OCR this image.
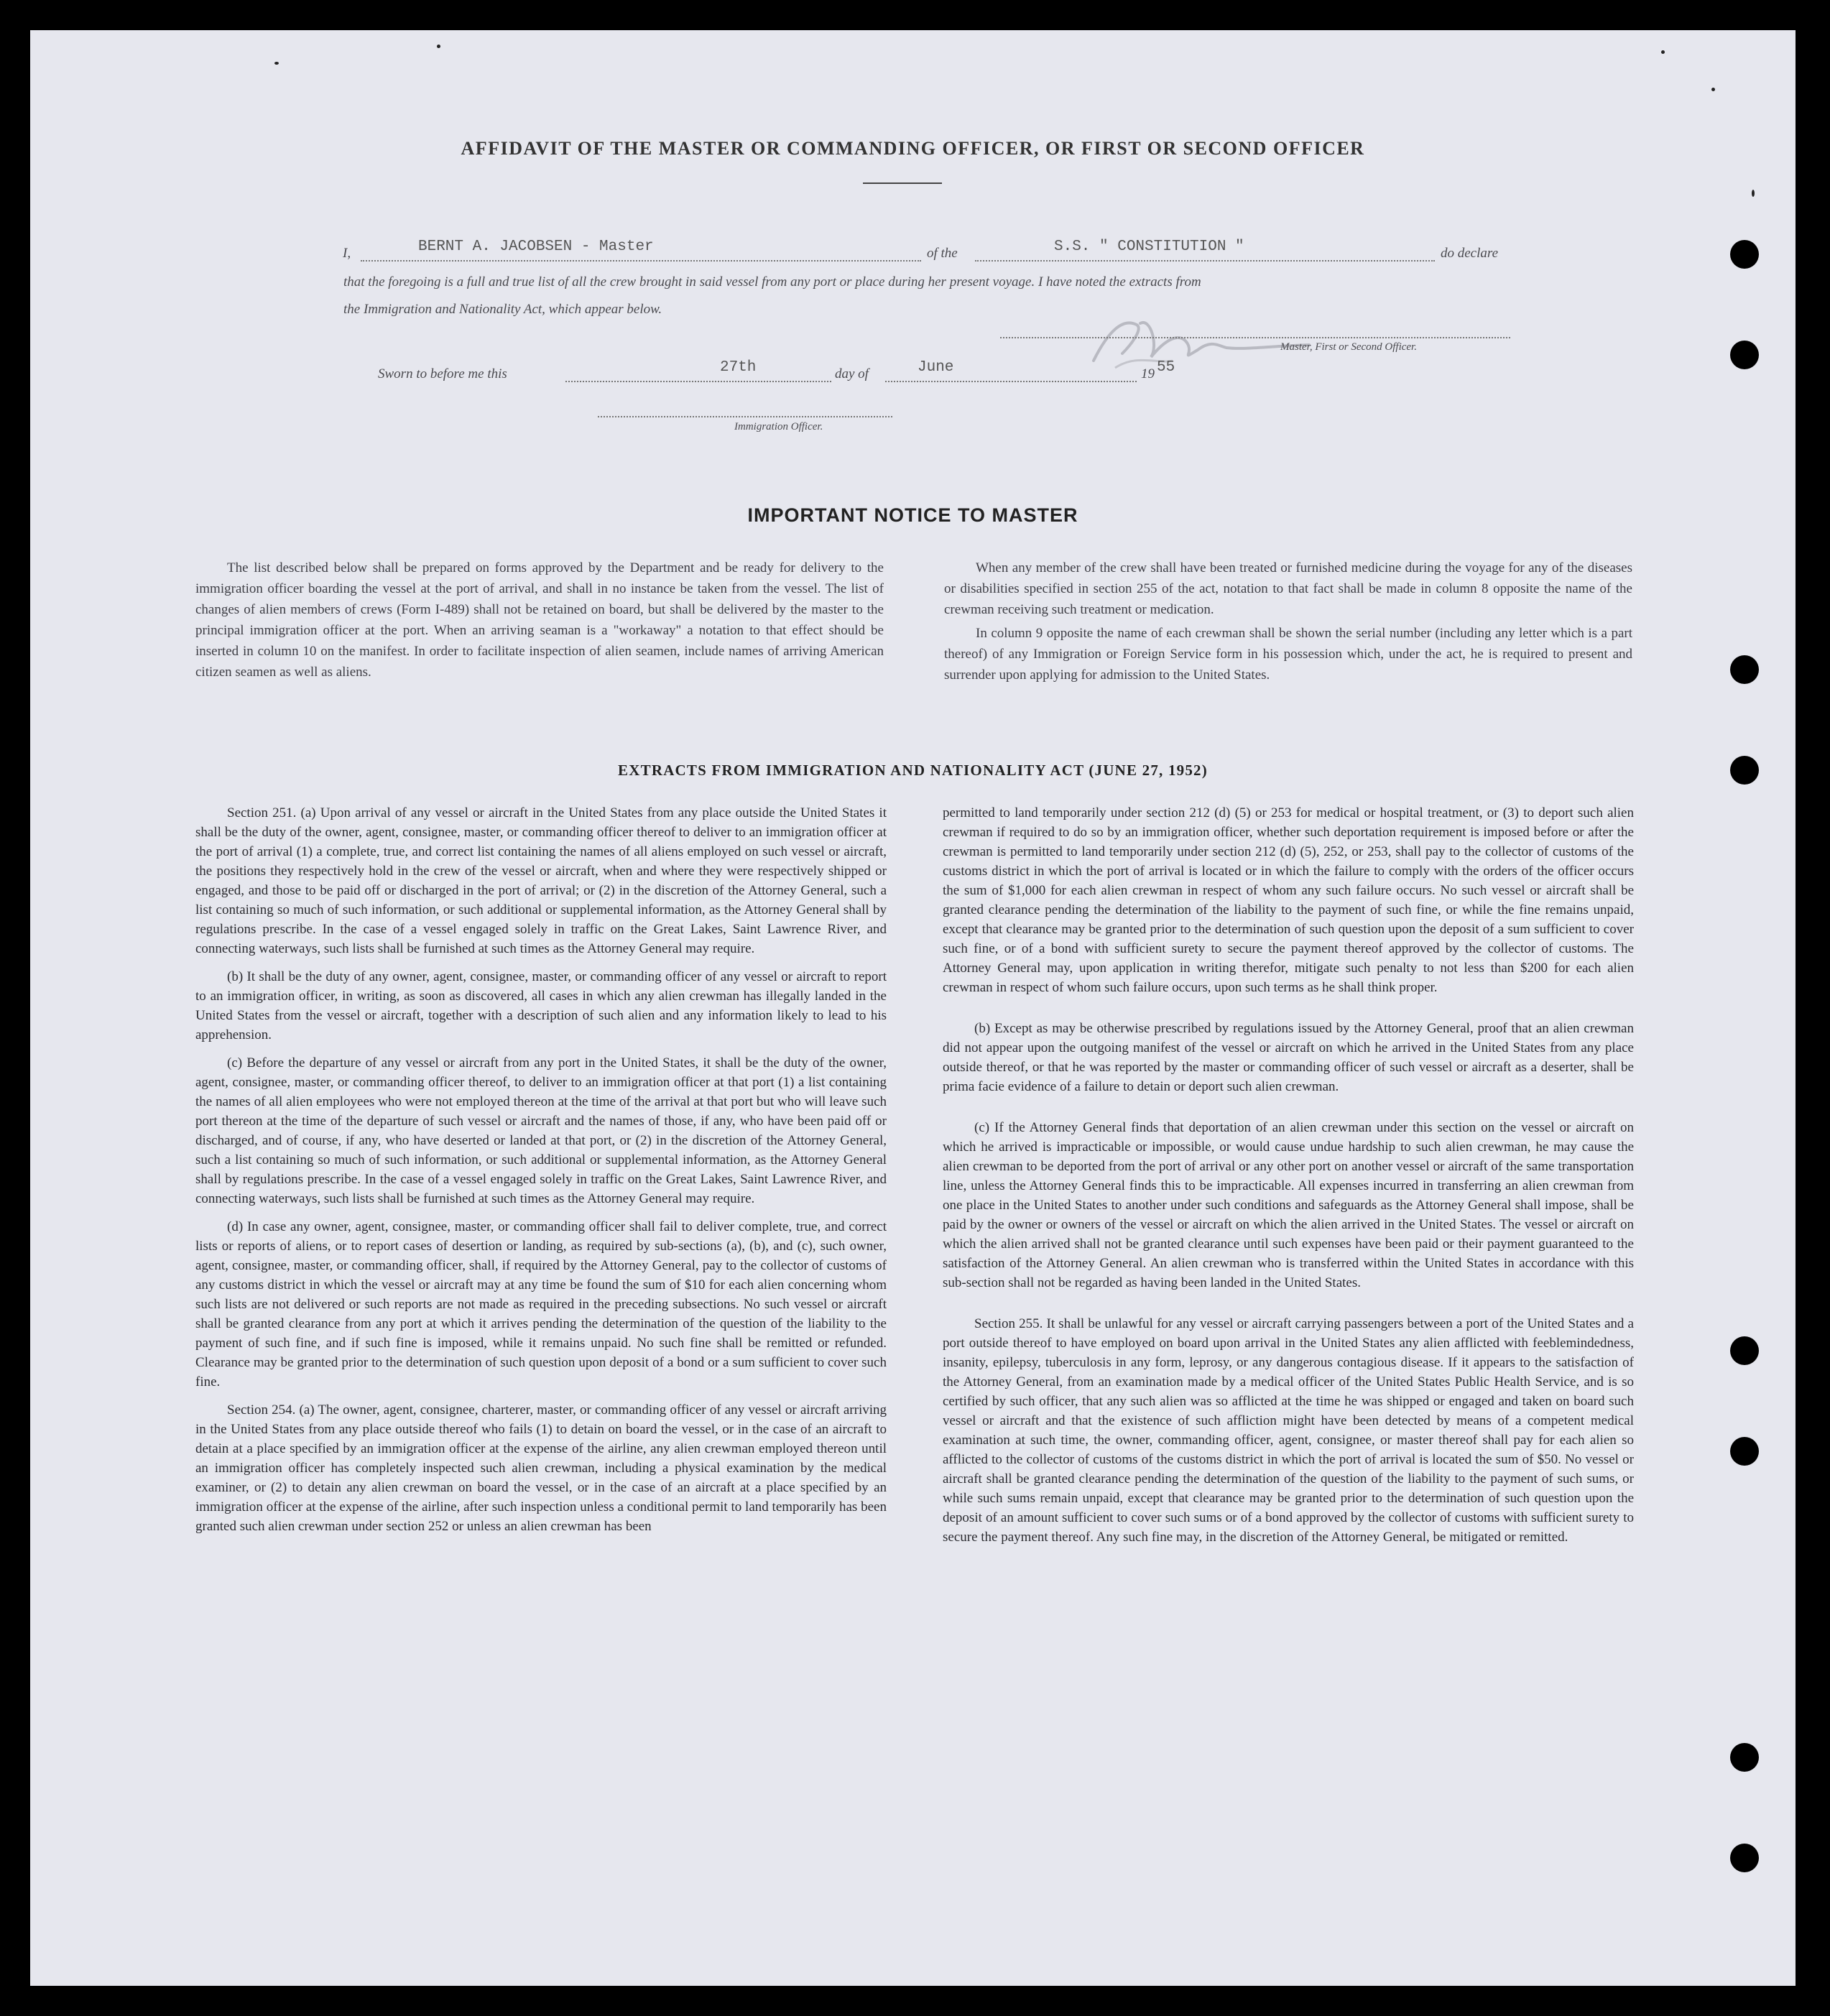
AFFIDAVIT OF THE MASTER OR COMMANDING OFFICER, OR FIRST OR SECOND OFFICER
I,	BERNT A. JACOBSEN - Master	of the	S.S. " CONSTITUTION "	do declare
that the foregoing is a full and true list of all the crew brought in said vessel from any port or place during her present voyage. I have noted the extracts from
the Immigration and Nationality Act, which appear below.
Master, First or Second Officer.
Sworn to before me this	27th	day of	June	19 55
Immigration Officer.
IMPORTANT NOTICE TO MASTER

The list described below shall be prepared on forms approved by the Department and be ready for delivery to the immigration officer boarding the vessel at the port of arrival, and shall in no instance be taken from the vessel. The list of changes of alien members of crews (Form I-489) shall not be retained on board, but shall be delivered by the master to the principal immigration officer at the port. When an arriving seaman is a "workaway" a notation to that effect should be inserted in column 10 on the manifest. In order to facilitate inspection of alien seamen, include names of arriving American citizen seamen as well as aliens.

When any member of the crew shall have been treated or furnished medicine during the voyage for any of the diseases or disabilities specified in section 255 of the act, notation to that fact shall be made in column 8 opposite the name of the crewman receiving such treatment or medication.

In column 9 opposite the name of each crewman shall be shown the serial number (including any letter which is a part thereof) of any Immigration or Foreign Service form in his possession which, under the act, he is required to present and surrender upon applying for admission to the United States.

EXTRACTS FROM IMMIGRATION AND NATIONALITY ACT (JUNE 27, 1952)

Section 251. (a) Upon arrival of any vessel or aircraft in the United States from any place outside the United States it shall be the duty of the owner, agent, consignee, master, or commanding officer thereof to deliver to an immigration officer at the port of arrival (1) a complete, true, and correct list containing the names of all aliens employed on such vessel or aircraft, the positions they respectively hold in the crew of the vessel or aircraft, when and where they were respectively shipped or engaged, and those to be paid off or discharged in the port of arrival; or (2) in the discretion of the Attorney General, such a list containing so much of such information, or such additional or supplemental information, as the Attorney General shall by regulations prescribe. In the case of a vessel engaged solely in traffic on the Great Lakes, Saint Lawrence River, and connecting waterways, such lists shall be furnished at such times as the Attorney General may require.

(b) It shall be the duty of any owner, agent, consignee, master, or commanding officer of any vessel or aircraft to report to an immigration officer, in writing, as soon as discovered, all cases in which any alien crewman has illegally landed in the United States from the vessel or aircraft, together with a description of such alien and any information likely to lead to his apprehension.

(c) Before the departure of any vessel or aircraft from any port in the United States, it shall be the duty of the owner, agent, consignee, master, or commanding officer thereof, to deliver to an immigration officer at that port (1) a list containing the names of all alien employees who were not employed thereon at the time of the arrival at that port but who will leave such port thereon at the time of the departure of such vessel or aircraft and the names of those, if any, who have been paid off or discharged, and of course, if any, who have deserted or landed at that port, or (2) in the discretion of the Attorney General, such a list containing so much of such information, or such additional or supplemental information, as the Attorney General shall by regulations prescribe. In the case of a vessel engaged solely in traffic on the Great Lakes, Saint Lawrence River, and connecting waterways, such lists shall be furnished at such times as the Attorney General may require.

(d) In case any owner, agent, consignee, master, or commanding officer shall fail to deliver complete, true, and correct lists or reports of aliens, or to report cases of desertion or landing, as required by sub-sections (a), (b), and (c), such owner, agent, consignee, master, or commanding officer, shall, if required by the Attorney General, pay to the collector of customs of any customs district in which the vessel or aircraft may at any time be found the sum of $10 for each alien concerning whom such lists are not delivered or such reports are not made as required in the preceding subsections. No such vessel or aircraft shall be granted clearance from any port at which it arrives pending the determination of the question of the liability to the payment of such fine, and if such fine is imposed, while it remains unpaid. No such fine shall be remitted or refunded. Clearance may be granted prior to the determination of such question upon deposit of a bond or a sum sufficient to cover such fine.

Section 254. (a) The owner, agent, consignee, charterer, master, or commanding officer of any vessel or aircraft arriving in the United States from any place outside thereof who fails (1) to detain on board the vessel, or in the case of an aircraft to detain at a place specified by an immigration officer at the expense of the airline, any alien crewman employed thereon until an immigration officer has completely inspected such alien crewman, including a physical examination by the medical examiner, or (2) to detain any alien crewman on board the vessel, or in the case of an aircraft at a place specified by an immigration officer at the expense of the airline, after such inspection unless a conditional permit to land temporarily has been granted such alien crewman under section 252 or unless an alien crewman has been

permitted to land temporarily under section 212 (d) (5) or 253 for medical or hospital treatment, or (3) to deport such alien crewman if required to do so by an immigration officer, whether such deportation requirement is imposed before or after the crewman is permitted to land temporarily under section 212 (d) (5), 252, or 253, shall pay to the collector of customs of the customs district in which the port of arrival is located or in which the failure to comply with the orders of the officer occurs the sum of $1,000 for each alien crewman in respect of whom any such failure occurs. No such vessel or aircraft shall be granted clearance pending the determination of the liability to the payment of such fine, or while the fine remains unpaid, except that clearance may be granted prior to the determination of such question upon the deposit of a sum sufficient to cover such fine, or of a bond with sufficient surety to secure the payment thereof approved by the collector of customs. The Attorney General may, upon application in writing therefor, mitigate such penalty to not less than $200 for each alien crewman in respect of whom such failure occurs, upon such terms as he shall think proper.

(b) Except as may be otherwise prescribed by regulations issued by the Attorney General, proof that an alien crewman did not appear upon the outgoing manifest of the vessel or aircraft on which he arrived in the United States from any place outside thereof, or that he was reported by the master or commanding officer of such vessel or aircraft as a deserter, shall be prima facie evidence of a failure to detain or deport such alien crewman.

(c) If the Attorney General finds that deportation of an alien crewman under this section on the vessel or aircraft on which he arrived is impracticable or impossible, or would cause undue hardship to such alien crewman, he may cause the alien crewman to be deported from the port of arrival or any other port on another vessel or aircraft of the same transportation line, unless the Attorney General finds this to be impracticable. All expenses incurred in transferring an alien crewman from one place in the United States to another under such conditions and safeguards as the Attorney General shall impose, shall be paid by the owner or owners of the vessel or aircraft on which the alien arrived in the United States. The vessel or aircraft on which the alien arrived shall not be granted clearance until such expenses have been paid or their payment guaranteed to the satisfaction of the Attorney General. An alien crewman who is transferred within the United States in accordance with this sub-section shall not be regarded as having been landed in the United States.

Section 255. It shall be unlawful for any vessel or aircraft carrying passengers between a port of the United States and a port outside thereof to have employed on board upon arrival in the United States any alien afflicted with feeblemindedness, insanity, epilepsy, tuberculosis in any form, leprosy, or any dangerous contagious disease. If it appears to the satisfaction of the Attorney General, from an examination made by a medical officer of the United States Public Health Service, and is so certified by such officer, that any such alien was so afflicted at the time he was shipped or engaged and taken on board such vessel or aircraft and that the existence of such affliction might have been detected by means of a competent medical examination at such time, the owner, commanding officer, agent, consignee, or master thereof shall pay for each alien so afflicted to the collector of customs of the customs district in which the port of arrival is located the sum of $50. No vessel or aircraft shall be granted clearance pending the determination of the question of the liability to the payment of such sums, or while such sums remain unpaid, except that clearance may be granted prior to the determination of such question upon the deposit of an amount sufficient to cover such sums or of a bond approved by the collector of customs with sufficient surety to secure the payment thereof. Any such fine may, in the discretion of the Attorney General, be mitigated or remitted.
